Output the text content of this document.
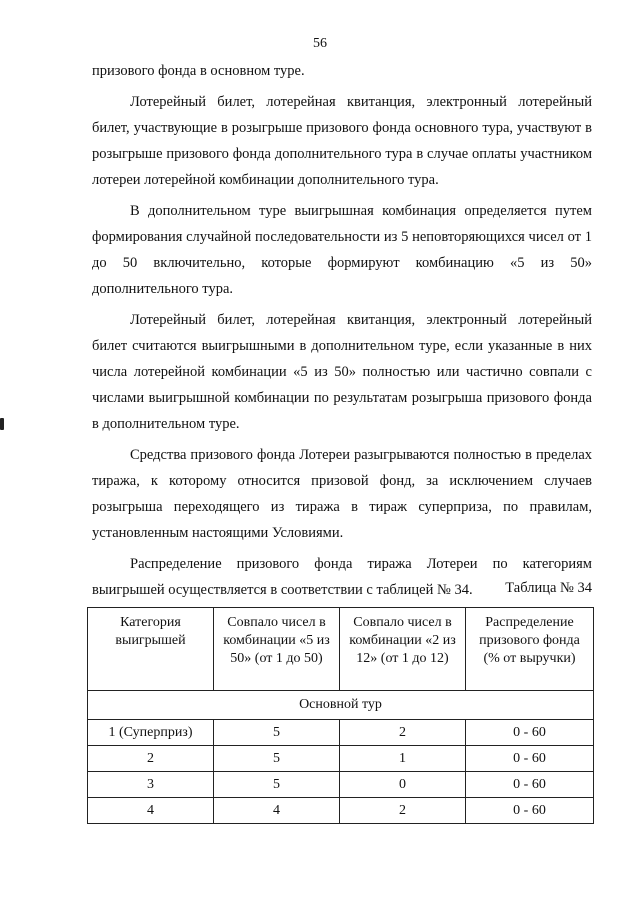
56

призового фонда в основном туре.

Лотерейный билет, лотерейная квитанция, электронный лотерейный билет, участвующие в розыгрыше призового фонда основного тура, участвуют в розыгрыше призового фонда дополнительного тура в случае оплаты участником лотереи лотерейной комбинации дополнительного тура.

В дополнительном туре выигрышная комбинация определяется путем формирования случайной последовательности из 5 неповторяющихся чисел от 1 до 50 включительно, которые формируют комбинацию «5 из 50» дополнительного тура.

Лотерейный билет, лотерейная квитанция, электронный лотерейный билет считаются выигрышными в дополнительном туре, если указанные в них числа лотерейной комбинации «5 из 50» полностью или частично совпали с числами выигрышной комбинации по результатам розыгрыша призового фонда в дополнительном туре.

Средства призового фонда Лотереи разыгрываются полностью в пределах тиража, к которому относится призовой фонд, за исключением случаев розыгрыша переходящего из тиража в тираж суперприза, по правилам, установленным настоящими Условиями.

Распределение призового фонда тиража Лотереи по категориям выигрышей осуществляется в соответствии с таблицей № 34.	Таблица № 34
Категория выигрышей	Совпало чисел в комбинации «5 из 50» (от 1 до 50)	Совпало чисел в комбинации «2 из 12» (от 1 до 12)	Распределение призового фонда (% от выручки)
Основной тур			
1 (Суперприз)	5	2	0 - 60
2	5	1	0 - 60
3	5	0	0 - 60
4	4	2	0 - 60
